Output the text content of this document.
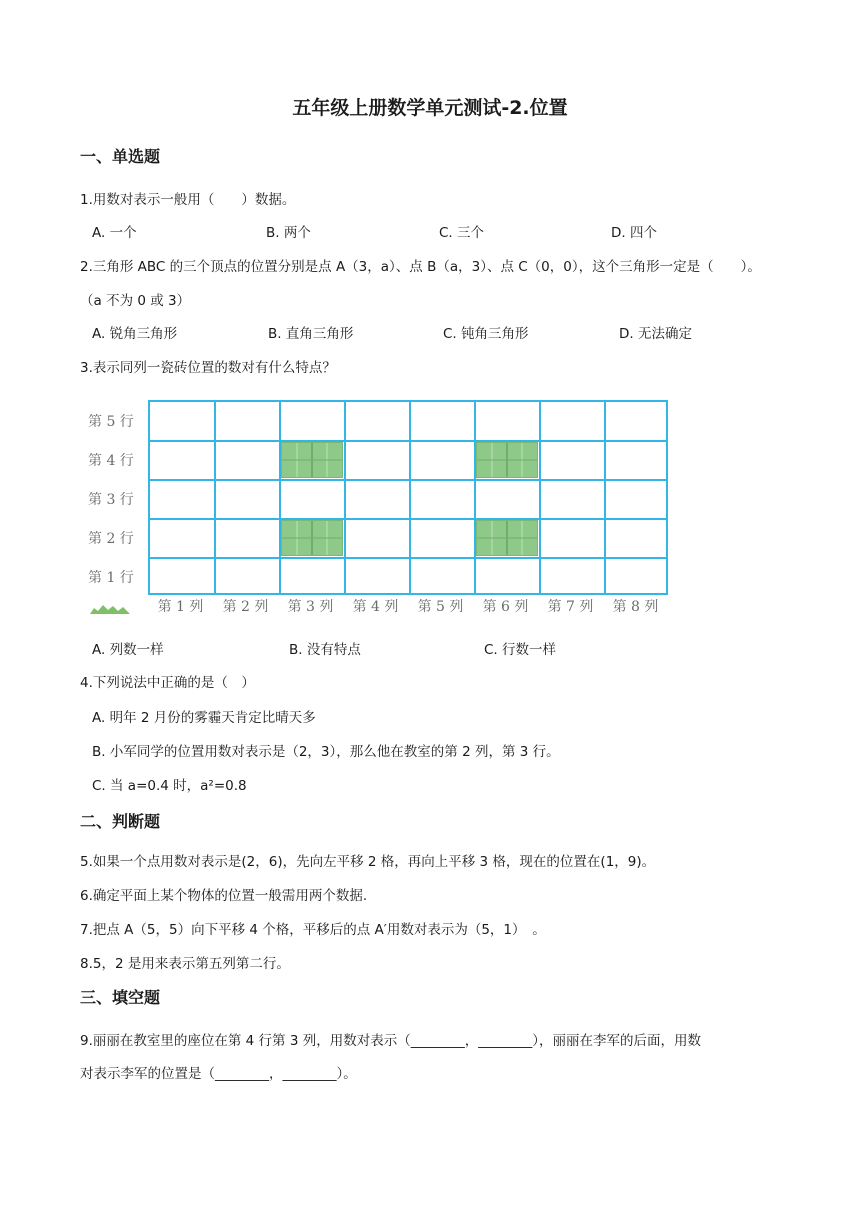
五年级上册数学单元测试-2.位置
一、单选题
1.用数对表示一般用（　　）数据。
A. 一个	B. 两个	C. 三个	D. 四个
2.三角形 ABC 的三个顶点的位置分别是点 A（3，a）、点 B（a，3）、点 C（0，0），这个三角形一定是（　　）。
（a 不为 0 或 3）
A. 锐角三角形	B. 直角三角形	C. 钝角三角形	D. 无法确定
3.表示同列一瓷砖位置的数对有什么特点？
第 5 行
第 4 行
第 3 行
第 2 行
第 1 行
第 1 列	第 2 列	第 3 列	第 4 列	第 5 列	第 6 列	第 7 列	第 8 列
A. 列数一样	B. 没有特点	C. 行数一样
4.下列说法中正确的是（　）
A. 明年 2 月份的雾霾天肯定比晴天多
B. 小军同学的位置用数对表示是（2，3），那么他在教室的第 2 列，第 3 行。
C. 当 a=0.4 时，a²=0.8
二、判断题
5.如果一个点用数对表示是(2，6)，先向左平移 2 格，再向上平移 3 格，现在的位置在(1，9)。
6.确定平面上某个物体的位置一般需用两个数据.
7.把点 A（5，5）向下平移 4 个格，平移后的点 A′用数对表示为（5，1）　。
8.5，2 是用来表示第五列第二行。
三、填空题
9.丽丽在教室里的座位在第 4 行第 3 列，用数对表示（________，________），丽丽在李军的后面，用数
对表示李军的位置是（________，________）。
